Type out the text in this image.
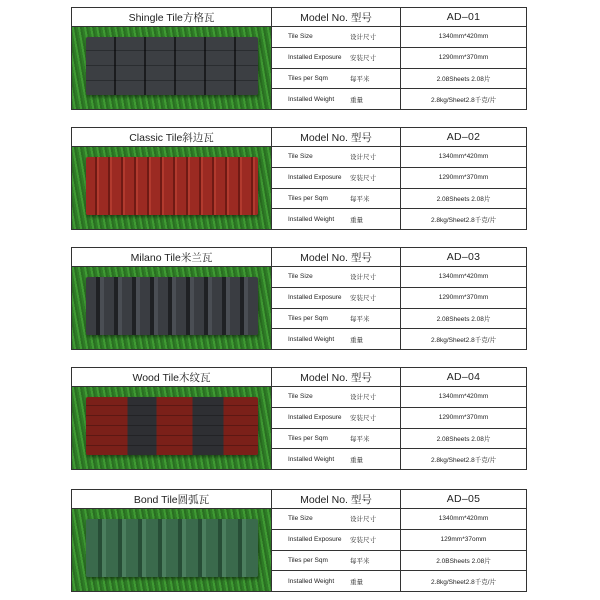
Shingle Tile方格瓦	Model No. 型号	AD–01
Tile Size	设计尺寸	1340mm*420mm
Installed Exposure	安装尺寸	1290mm*370mm
Tiles per Sqm	每平米	2.08Sheets 2.08片
Installed Weight	重量	2.8kg/Sheet2.8千克/片
Classic Tile斜边瓦	Model No. 型号	AD–02
Tile Size	设计尺寸	1340mm*420mm
Installed Exposure	安装尺寸	1290mm*370mm
Tiles per Sqm	每平米	2.08Sheets 2.08片
Installed Weight	重量	2.8kg/Sheet2.8千克/片
Milano Tile米兰瓦	Model No. 型号	AD–03
Tile Size	设计尺寸	1340mm*420mm
Installed Exposure	安装尺寸	1290mm*370mm
Tiles per Sqm	每平米	2.08Sheets 2.08片
Installed Weight	重量	2.8kg/Sheet2.8千克/片
Wood Tile木纹瓦	Model No. 型号	AD–04
Tile Size	设计尺寸	1340mm*420mm
Installed Exposure	安装尺寸	1290mm*370mm
Tiles per Sqm	每平米	2.08Sheets 2.08片
Installed Weight	重量	2.8kg/Sheet2.8千克/片
Bond Tile圆弧瓦	Model No. 型号	AD–05
Tile Size	设计尺寸	1340mm*420mm
Installed Exposure	安装尺寸	129mm*37omm
Tiles per Sqm	每平米	2.0BSheets 2.08片
Installed Weight	重量	2.8kg/Sheet2.8千克/片
